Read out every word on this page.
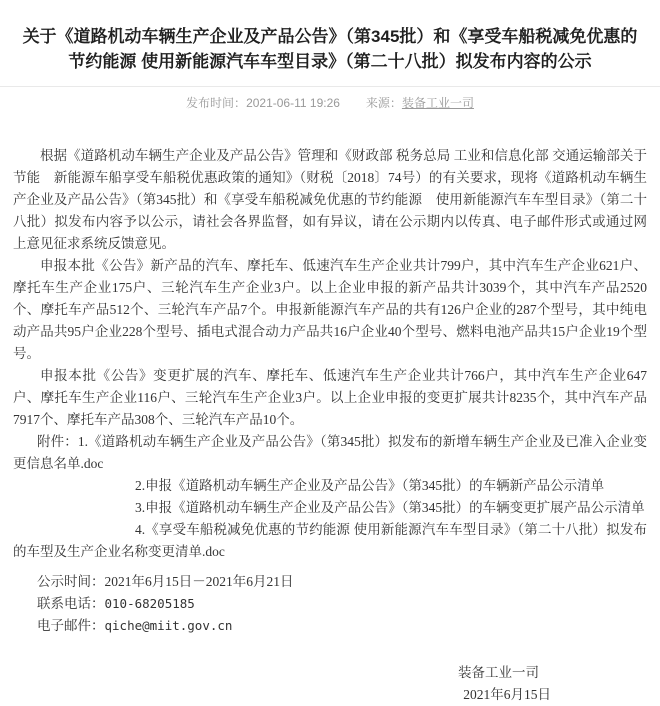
关于《道路机动车辆生产企业及产品公告》（第345批）和《享受车船税减免优惠的
节约能源 使用新能源汽车车型目录》（第二十八批）拟发布内容的公示
发布时间：2021-06-11 19:26 来源：装备工业一司

根据《道路机动车辆生产企业及产品公告》管理和《财政部 税务总局 工业和信息化部 交通运输部关于节能　新能源车船享受车船税优惠政策的通知》（财税〔2018〕74号）的有关要求，现将《道路机动车辆生产企业及产品公告》（第345批）和《享受车船税减免优惠的节约能源　使用新能源汽车车型目录》（第二十八批）拟发布内容予以公示，请社会各界监督，如有异议，请在公示期内以传真、电子邮件形式或通过网上意见征求系统反馈意见。

申报本批《公告》新产品的汽车、摩托车、低速汽车生产企业共计799户，其中汽车生产企业621户、摩托车生产企业175户、三轮汽车生产企业3户。以上企业申报的新产品共计3039个，其中汽车产品2520个、摩托车产品512个、三轮汽车产品7个。申报新能源汽车产品的共有126户企业的287个型号，其中纯电动产品共95户企业228个型号、插电式混合动力产品共16户企业40个型号、燃料电池产品共15户企业19个型号。

申报本批《公告》变更扩展的汽车、摩托车、低速汽车生产企业共计766户，其中汽车生产企业647户、摩托车生产企业116户、三轮汽车生产企业3户。以上企业申报的变更扩展共计8235个，其中汽车产品7917个、摩托车产品308个、三轮汽车产品10个。

附件：1.《道路机动车辆生产企业及产品公告》（第345批）拟发布的新增车辆生产企业及已准入企业变更信息名单.doc
2.申报《道路机动车辆生产企业及产品公告》（第345批）的车辆新产品公示清单
3.申报《道路机动车辆生产企业及产品公告》（第345批）的车辆变更扩展产品公示清单
4.《享受车船税减免优惠的节约能源 使用新能源汽车车型目录》（第二十八批）拟发布的车型及生产企业名称变更清单.doc
公示时间：2021年6月15日－2021年6月21日
联系电话：010-68205185
电子邮件：qiche@miit.gov.cn
装备工业一司
2021年6月15日
